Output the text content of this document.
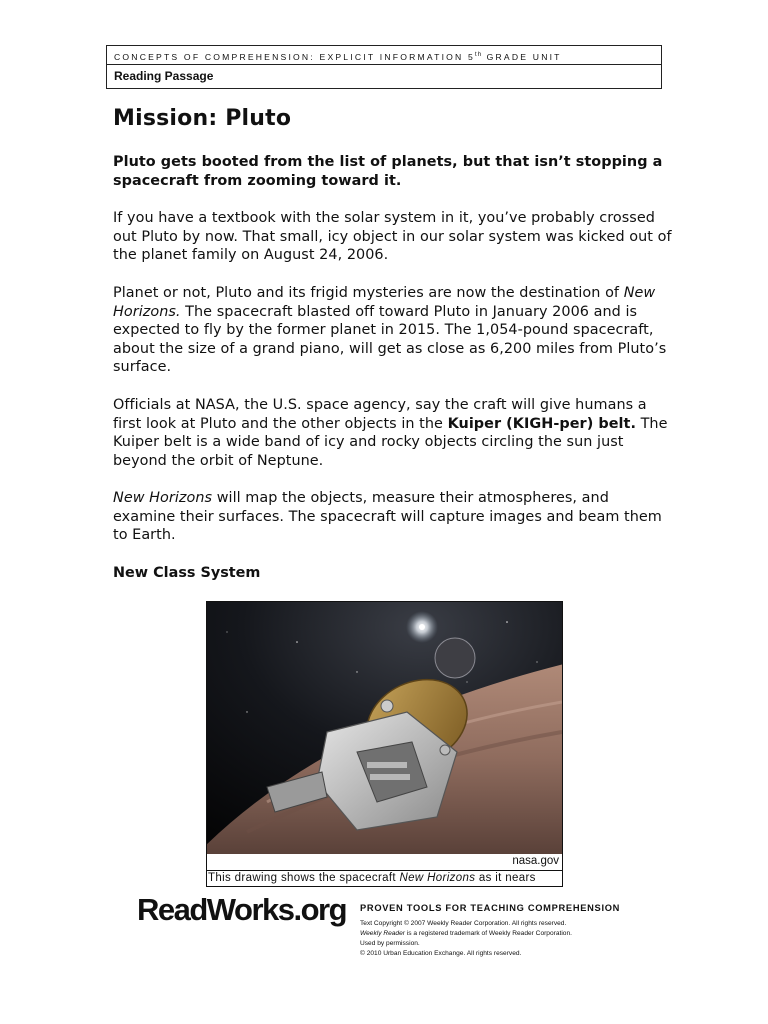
CONCEPTS OF COMPREHENSION: EXPLICIT INFORMATION 5th GRADE UNIT
Reading Passage
Mission: Pluto

Pluto gets booted from the list of planets, but that isn’t stopping a spacecraft from zooming toward it.

If you have a textbook with the solar system in it, you’ve probably crossed out Pluto by now. That small, icy object in our solar system was kicked out of the planet family on August 24, 2006.

Planet or not, Pluto and its frigid mysteries are now the destination of New Horizons. The spacecraft blasted off toward Pluto in January 2006 and is expected to fly by the former planet in 2015. The 1,054-pound spacecraft, about the size of a grand piano, will get as close as 6,200 miles from Pluto’s surface.

Officials at NASA, the U.S. space agency, say the craft will give humans a first look at Pluto and the other objects in the Kuiper (KIGH-per) belt. The Kuiper belt is a wide band of icy and rocky objects circling the sun just beyond the orbit of Neptune.

New Horizons will map the objects, measure their atmospheres, and examine their surfaces. The spacecraft will capture images and beam them to Earth.

New Class System
nasa.gov
This drawing shows the spacecraft New Horizons as it nears
ReadWorks.org PROVEN TOOLS FOR TEACHING COMPREHENSION
Text Copyright © 2007 Weekly Reader Corporation. All rights reserved.
Weekly Reader is a registered trademark of Weekly Reader Corporation.
Used by permission.
© 2010 Urban Education Exchange. All rights reserved.
